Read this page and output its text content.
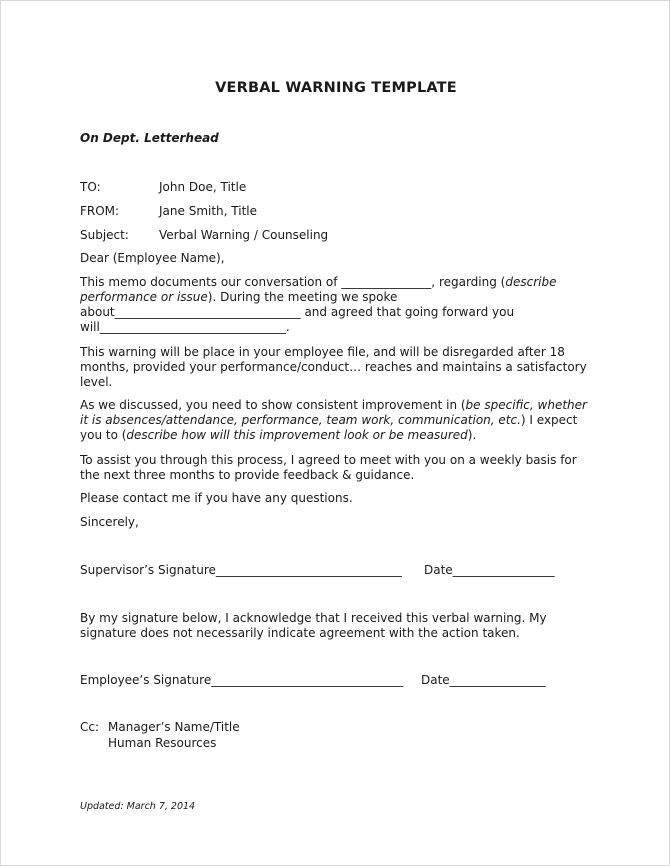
VERBAL WARNING TEMPLATE

On Dept. Letterhead

TO:	John Doe, Title

FROM:	Jane Smith, Title

Subject:	Verbal Warning / Counseling

Dear (Employee Name),

This memo documents our conversation of _______________, regarding (describe
performance or issue). During the meeting we spoke
about_______________________________ and agreed that going forward you
will_______________________________.
This warning will be place in your employee file, and will be disregarded after 18
months, provided your performance/conduct… reaches and maintains a satisfactory
level.
As we discussed, you need to show consistent improvement in (be specific, whether
it is absences/attendance, performance, team work, communication, etc.) I expect
you to (describe how will this improvement look or be measured).
To assist you through this process, I agreed to meet with you on a weekly basis for
the next three months to provide feedback & guidance.

Please contact me if you have any questions.

Sincerely,

Supervisor’s Signature_______________________________ Date_________________

By my signature below, I acknowledge that I received this verbal warning. My
signature does not necessarily indicate agreement with the action taken.

Employee’s Signature________________________________ Date________________

Cc: Manager’s Name/Title

Human Resources

Updated: March 7, 2014
